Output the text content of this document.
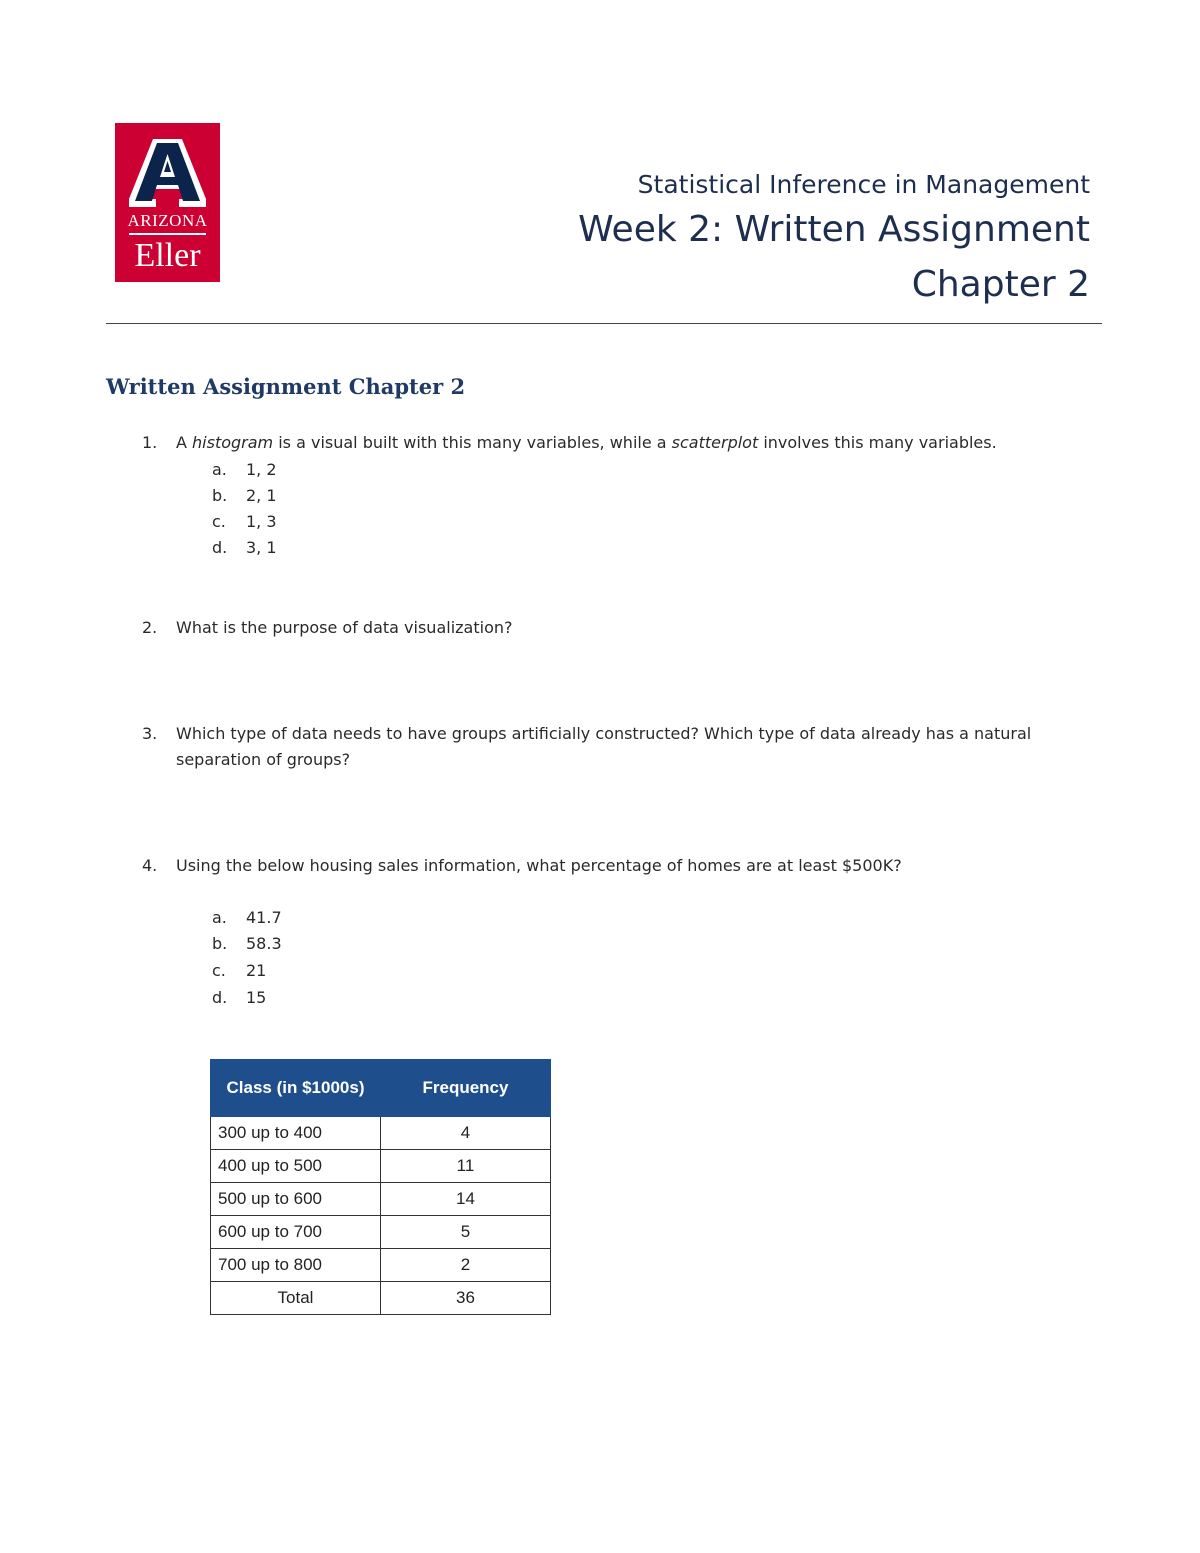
ARIZONA
Eller
Statistical Inference in Management
Week 2: Written Assignment
Chapter 2
Written Assignment Chapter 2
1. A histogram is a visual built with this many variables, while a scatterplot involves this many variables.
a. 1, 2
b. 2, 1
c. 1, 3
d. 3, 1
2. What is the purpose of data visualization?
3. Which type of data needs to have groups artificially constructed? Which type of data already has a natural separation of groups?
4. Using the below housing sales information, what percentage of homes are at least $500K?
a. 41.7
b. 58.3
c. 21
d. 15
Class (in $1000s)	Frequency
300 up to 400	4
400 up to 500	11
500 up to 600	14
600 up to 700	5
700 up to 800	2
Total	36
